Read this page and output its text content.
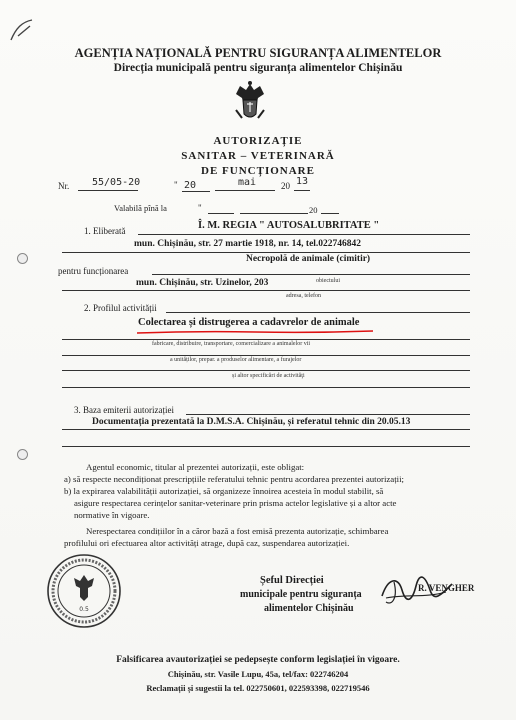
AGENȚIA NAȚIONALĂ PENTRU SIGURANȚA ALIMENTELOR
Direcția municipală pentru siguranța alimentelor Chișinău
AUTORIZAȚIE
SANITAR – VETERINARĂ
DE FUNCȚIONARE
Nr. 55/05-20	" 20	mai	20 13
Valabilă pînă la	"	20
1. Eliberată	Î. M. REGIA " AUTOSALUBRITATE "
mun. Chișinău, str. 27 martie 1918, nr. 14, tel.022746842
pentru funcționarea
Necropolă de animale (cimitir)
mun. Chișinău, str. Uzinelor, 203	obiectului
adresa, telefon
2. Profilul activității
Colectarea și distrugerea a cadavrelor de animale
fabricare, distribuire, transportare, comercializare a animalelor vii
a unităților, prepar. a produselor alimentare, a furajelor
și altor specificări de activităţi
3. Baza emiterii autorizației
Documentația prezentată la D.M.S.A. Chișinău, și referatul tehnic din 20.05.13
Agentul economic, titular al prezentei autorizații, este obligat:
a) să respecte necondiționat prescripțiile referatului tehnic pentru acordarea prezentei autorizații;
b) la expirarea valabilității autorizației, să organizeze înnoirea acesteia în modul stabilit, să
asigure respectarea cerințelor sanitar-veterinare prin prisma actelor legislative și a altor acte
normative în vigoare.
Nerespectarea condițiilor în a căror bază a fost emisă prezenta autorizație, schimbarea
profilului ori efectuarea altor activități atrage, după caz, suspendarea autorizației.
0.5
Șeful Direcției
municipale pentru siguranța
alimentelor Chișinău
R. VENGHER
Falsificarea avautorizației se pedepsește conform legislației în vigoare.
Chișinău, str. Vasile Lupu, 45a, tel/fax: 022746204
Reclamații și sugestii la tel. 022750601, 022593398, 022719546
